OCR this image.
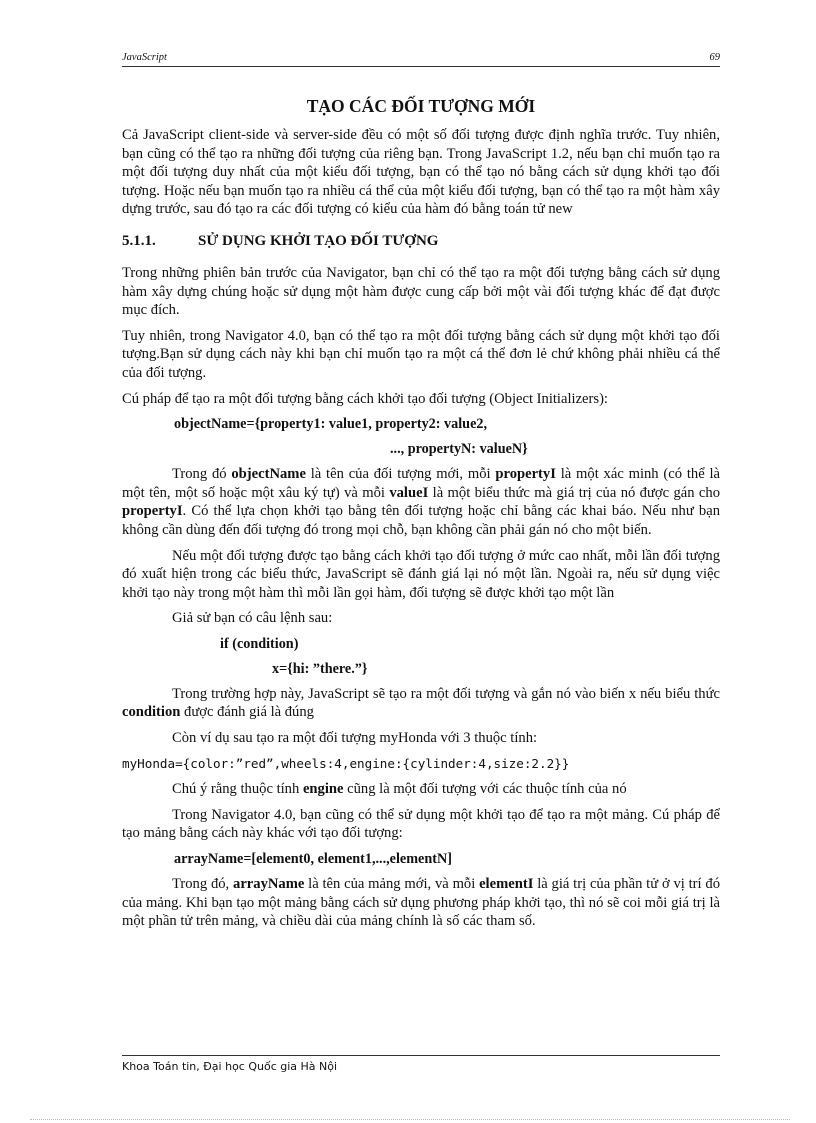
JavaScript	69
TẠO CÁC ĐỐI TƯỢNG MỚI

Cả JavaScript client-side và server-side đều có một số đối tượng được định nghĩa trước. Tuy nhiên, bạn cũng có thể tạo ra những đối tượng của riêng bạn. Trong JavaScript 1.2, nếu bạn chỉ muốn tạo ra một đối tượng duy nhất của một kiểu đối tượng, bạn có thể tạo nó bằng cách sử dụng khởi tạo đối tượng. Hoặc nếu bạn muốn tạo ra nhiều cá thể của một kiểu đối tượng, bạn có thể tạo ra một hàm xây dựng trước, sau đó tạo ra các đối tượng có kiểu của hàm đó bằng toán tử new

5.1.1.	SỬ DỤNG KHỞI TẠO ĐỐI TƯỢNG

Trong những phiên bản trước của Navigator, bạn chỉ có thể tạo ra một đối tượng bằng cách sử dụng hàm xây dựng chúng hoặc sử dụng một hàm được cung cấp bởi một vài đối tượng khác để đạt được mục đích.

Tuy nhiên, trong Navigator 4.0, bạn có thể tạo ra một đối tượng bằng cách sử dụng một khởi tạo đối tượng.Bạn sử dụng cách này khi bạn chỉ muốn tạo ra một cá thể đơn lẻ chứ không phải nhiều cá thể của đối tượng.

Cú pháp để tạo ra một đối tượng bằng cách khởi tạo đối tượng (Object Initializers):

objectName={property1: value1, property2: value2,
..., propertyN: valueN}

Trong đó objectName là tên của đối tượng mới, mỗi propertyI là một xác minh (có thể là một tên, một số hoặc một xâu ký tự) và mỗi valueI là một biểu thức mà giá trị của nó được gán cho propertyI. Có thể lựa chọn khởi tạo bằng tên đối tượng hoặc chỉ bằng các khai báo. Nếu như bạn không cần dùng đến đối tượng đó trong mọi chỗ, bạn không cần phải gán nó cho một biến.

Nếu một đối tượng được tạo bằng cách khởi tạo đối tượng ở mức cao nhất, mỗi lần đối tượng đó xuất hiện trong các biểu thức, JavaScript sẽ đánh giá lại nó một lần. Ngoài ra, nếu sử dụng việc khởi tạo này trong một hàm thì mỗi lần gọi hàm, đối tượng sẽ được khởi tạo một lần

Giả sử bạn có câu lệnh sau:

if (condition)
x={hi: ”there.”}

Trong trường hợp này, JavaScript sẽ tạo ra một đối tượng và gắn nó vào biến x nếu biểu thức condition được đánh giá là đúng

Còn ví dụ sau tạo ra một đối tượng myHonda với 3 thuộc tính:

myHonda={color:”red”,wheels:4,engine:{cylinder:4,size:2.2}}

Chú ý rằng thuộc tính engine cũng là một đối tượng với các thuộc tính của nó

Trong Navigator 4.0, bạn cũng có thể sử dụng một khởi tạo để tạo ra một mảng. Cú pháp để tạo mảng bằng cách này khác với tạo đối tượng:

arrayName=[element0, element1,...,elementN]

Trong đó, arrayName là tên của mảng mới, và mỗi elementI là giá trị của phần tử ở vị trí đó của mảng. Khi bạn tạo một mảng bằng cách sử dụng phương pháp khởi tạo, thì nó sẽ coi mỗi giá trị là một phần tử trên mảng, và chiều dài của mảng chính là số các tham số.

Khoa Toán tin, Đại học Quốc gia Hà Nội
